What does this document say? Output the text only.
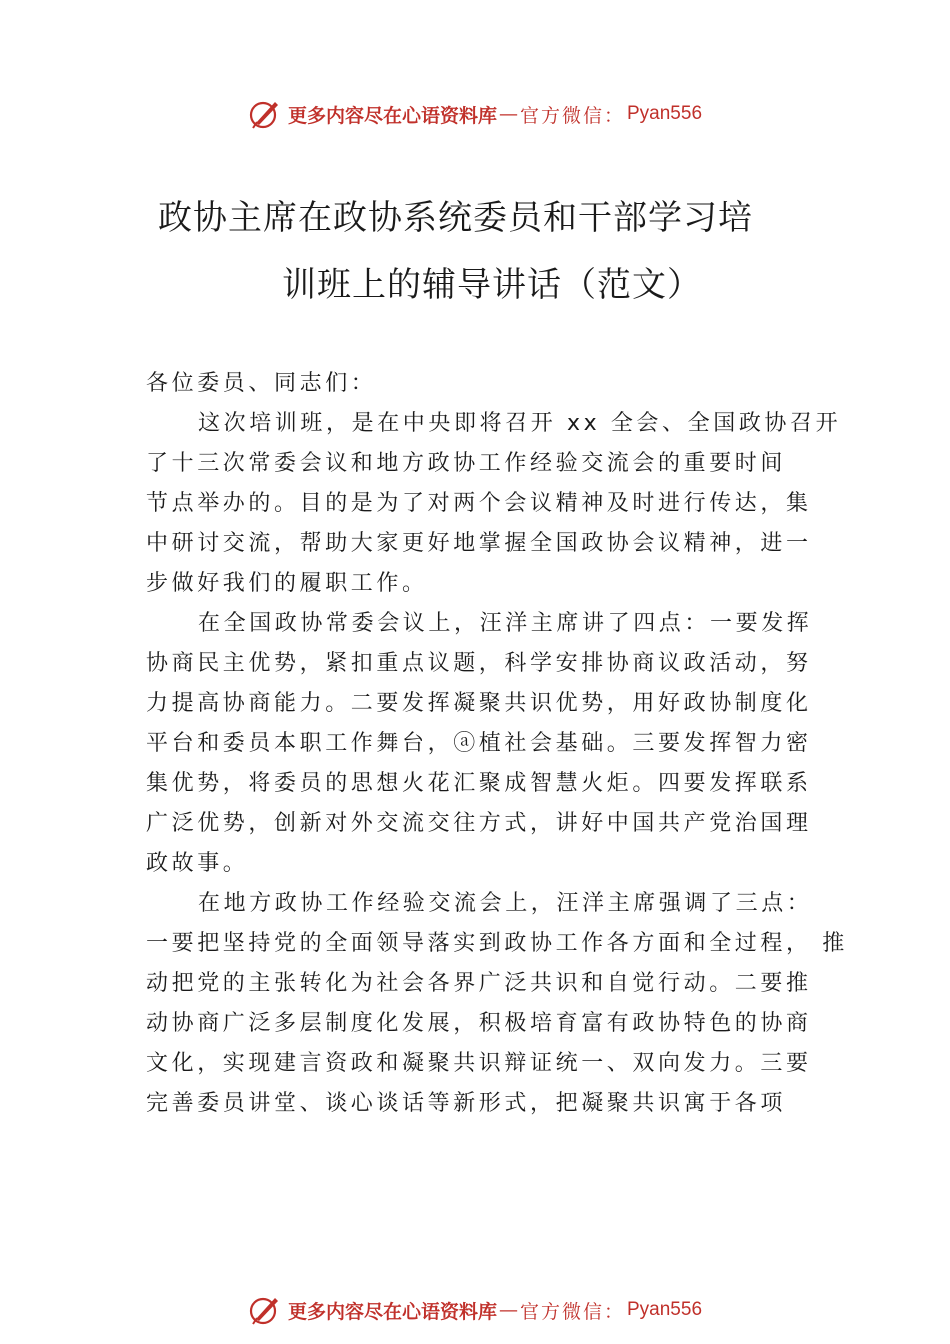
更多内容尽在心语资料库 — 官方微信： Pyan556
政协主席在政协系统委员和干部学习培
训班上的辅导讲话（范文）
各位委员、同志们：
这次培训班，是在中央即将召开 xx 全会、全国政协召开
了十三次常委会议和地方政协工作经验交流会的重要时间
节点举办的。目的是为了对两个会议精神及时进行传达，集
中研讨交流，帮助大家更好地掌握全国政协会议精神，进一
步做好我们的履职工作。
在全国政协常委会议上，汪洋主席讲了四点：一要发挥
协商民主优势，紧扣重点议题，科学安排协商议政活动，努
力提高协商能力。二要发挥凝聚共识优势，用好政协制度化
平台和委员本职工作舞台，ⓐ植社会基础。三要发挥智力密
集优势，将委员的思想火花汇聚成智慧火炬。四要发挥联系
广泛优势，创新对外交流交往方式，讲好中国共产党治国理
政故事。
在地方政协工作经验交流会上，汪洋主席强调了三点：
一要把坚持党的全面领导落实到政协工作各方面和全过程， 推
动把党的主张转化为社会各界广泛共识和自觉行动。二要推
动协商广泛多层制度化发展，积极培育富有政协特色的协商
文化，实现建言资政和凝聚共识辩证统一、双向发力。三要
完善委员讲堂、谈心谈话等新形式，把凝聚共识寓于各项
更多内容尽在心语资料库 — 官方微信： Pyan556
